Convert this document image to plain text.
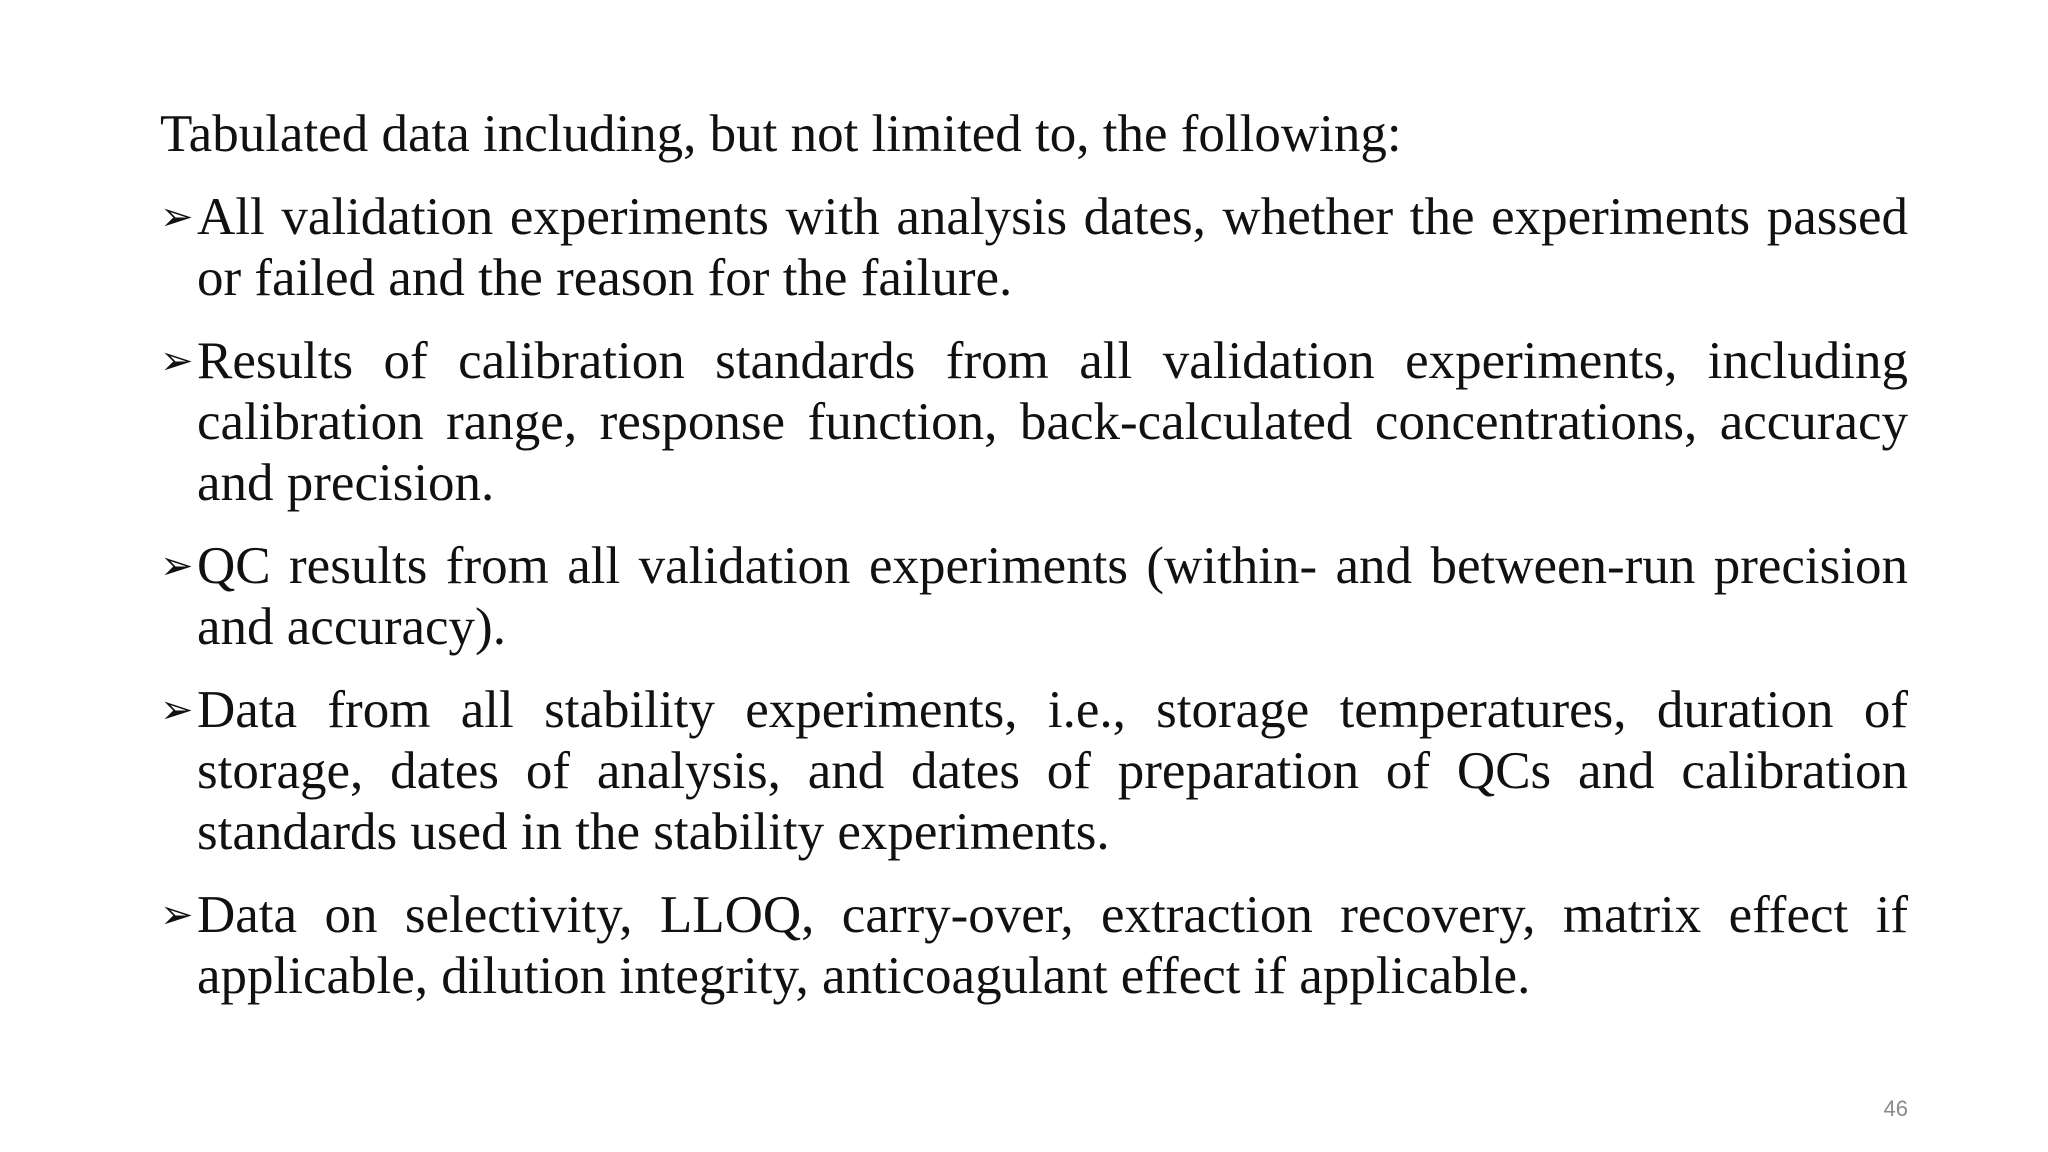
Tabulated data including, but not limited to, the following:

➢ All validation experiments with analysis dates, whether the experiments passed or failed and the reason for the failure.
➢ Results of calibration standards from all validation experiments, including calibration range, response function, back-calculated concentrations, accuracy and precision.
➢ QC results from all validation experiments (within- and between-run precision and accuracy).
➢ Data from all stability experiments, i.e., storage temperatures, duration of storage, dates of analysis, and dates of preparation of QCs and calibration standards used in the stability experiments.
➢ Data on selectivity, LLOQ, carry-over, extraction recovery, matrix effect if applicable, dilution integrity, anticoagulant effect if applicable.
46
